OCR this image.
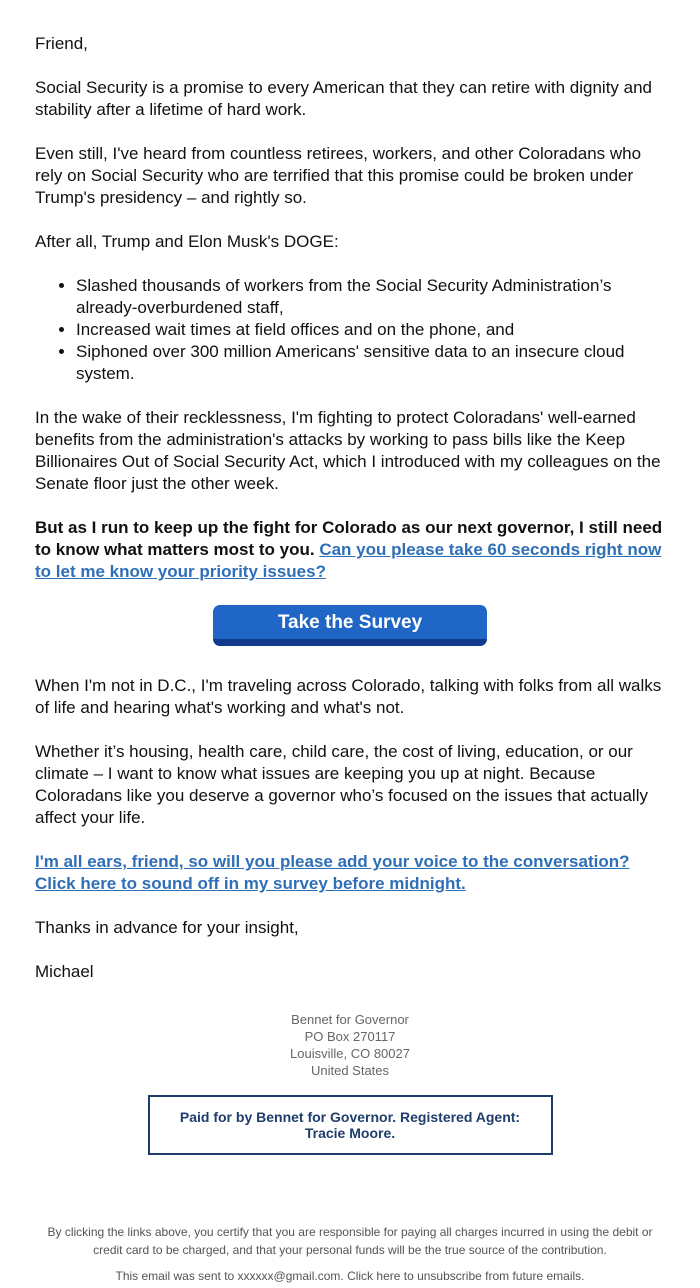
Friend,

Social Security is a promise to every American that they can retire with dignity and stability after a lifetime of hard work.

Even still, I've heard from countless retirees, workers, and other Coloradans who rely on Social Security who are terrified that this promise could be broken under Trump's presidency – and rightly so.

After all, Trump and Elon Musk's DOGE:

• Slashed thousands of workers from the Social Security Administration’s already-overburdened staff,
• Increased wait times at field offices and on the phone, and
• Siphoned over 300 million Americans' sensitive data to an insecure cloud system.

In the wake of their recklessness, I'm fighting to protect Coloradans' well-earned benefits from the administration's attacks by working to pass bills like the Keep Billionaires Out of Social Security Act, which I introduced with my colleagues on the Senate floor just the other week.

But as I run to keep up the fight for Colorado as our next governor, I still need to know what matters most to you. Can you please take 60 seconds right now to let me know your priority issues?

Take the Survey

When I'm not in D.C., I'm traveling across Colorado, talking with folks from all walks of life and hearing what's working and what's not.

Whether it’s housing, health care, child care, the cost of living, education, or our climate – I want to know what issues are keeping you up at night. Because Coloradans like you deserve a governor who’s focused on the issues that actually affect your life.

I'm all ears, friend, so will you please add your voice to the conversation? Click here to sound off in my survey before midnight.

Thanks in advance for your insight,

Michael

Bennet for Governor
PO Box 270117
Louisville, CO 80027
United States
Paid for by Bennet for Governor. Registered Agent: Tracie Moore.
By clicking the links above, you certify that you are responsible for paying all charges incurred in using the debit or credit card to be charged, and that your personal funds will be the true source of the contribution.
This email was sent to xxxxxx@gmail.com. Click here to unsubscribe from future emails.
